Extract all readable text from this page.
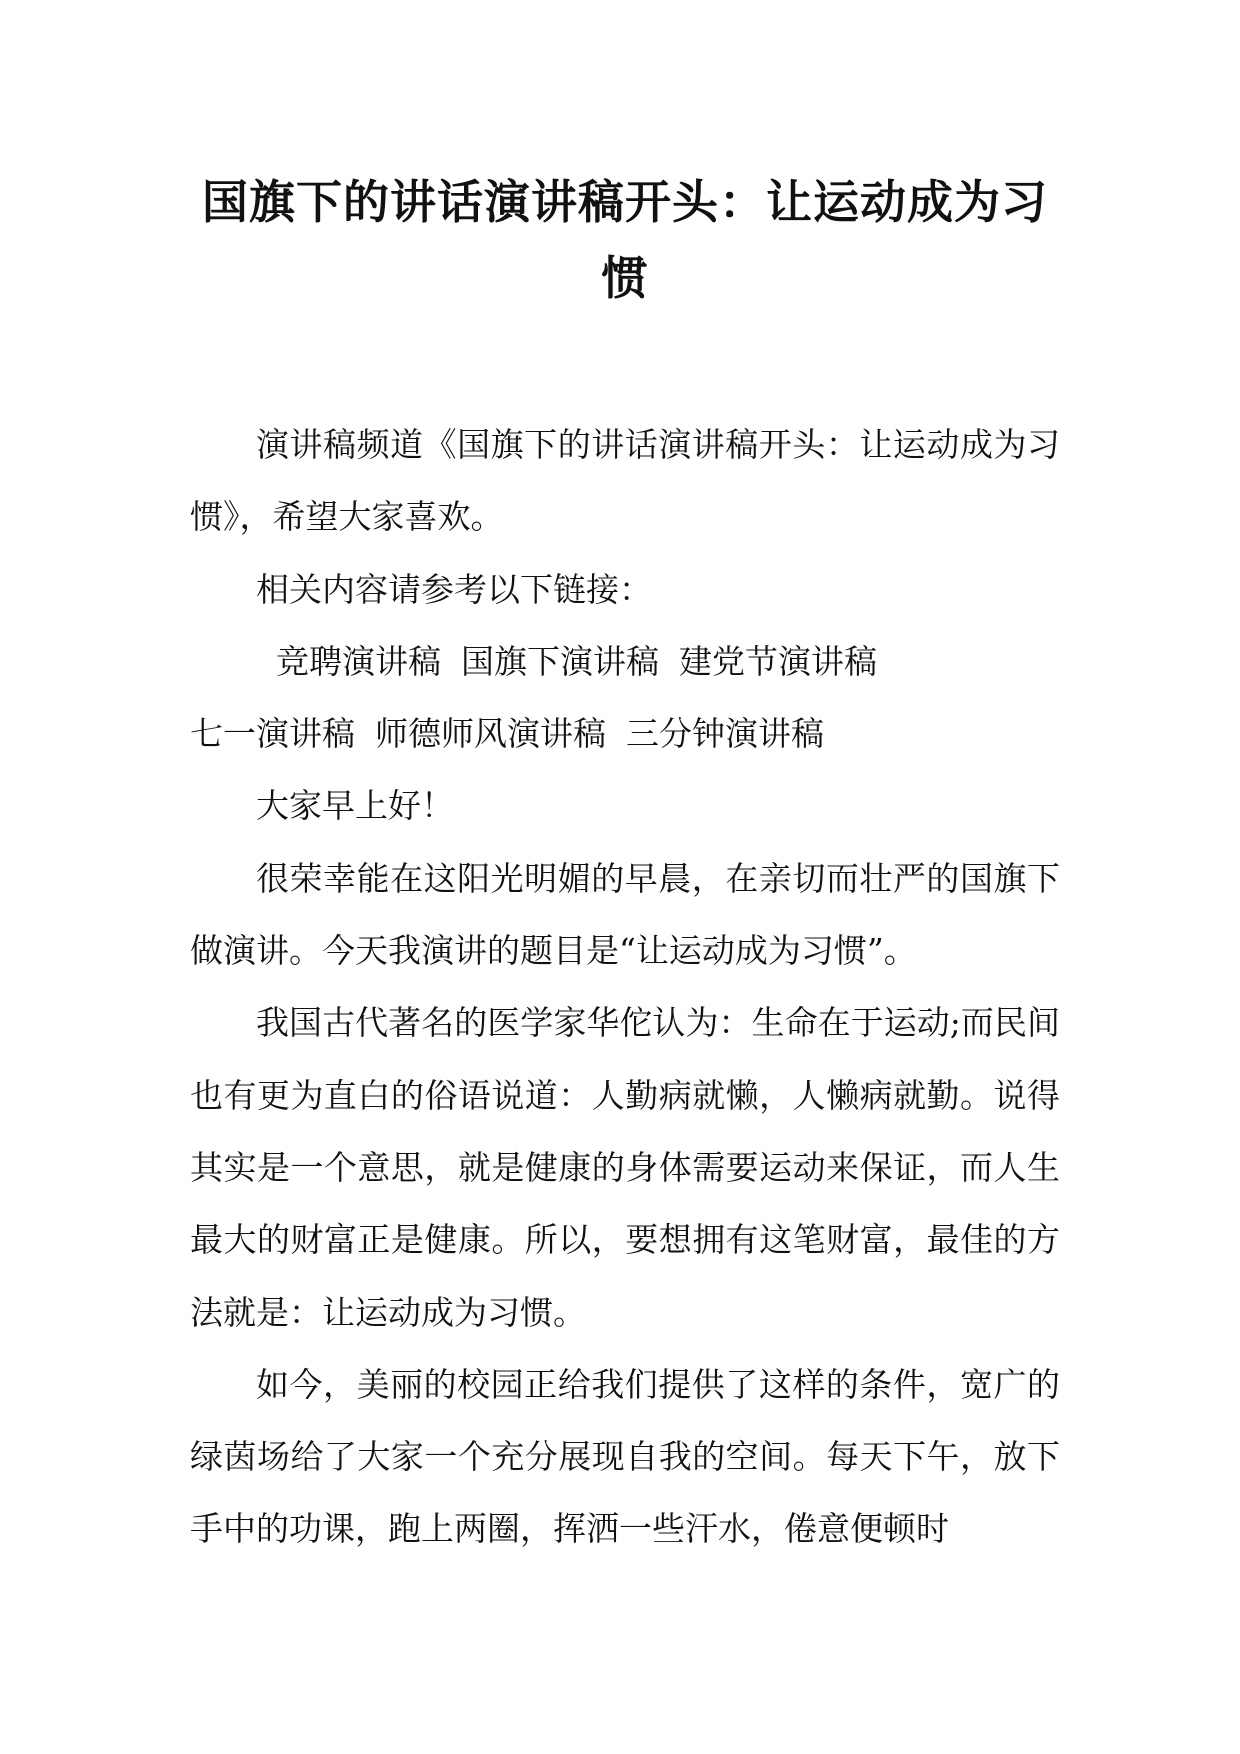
国旗下的讲话演讲稿开头：让运动成为习惯

演讲稿频道《国旗下的讲话演讲稿开头：让运动成为习惯》，希望大家喜欢。

相关内容请参考以下链接：

竞聘演讲稿 国旗下演讲稿 建党节演讲稿
七一演讲稿 师德师风演讲稿 三分钟演讲稿

大家早上好！

很荣幸能在这阳光明媚的早晨，在亲切而壮严的国旗下做演讲。今天我演讲的题目是“让运动成为习惯”。

我国古代著名的医学家华佗认为：生命在于运动;而民间也有更为直白的俗语说道：人勤病就懒，人懒病就勤。说得其实是一个意思，就是健康的身体需要运动来保证，而人生最大的财富正是健康。所以，要想拥有这笔财富，最佳的方法就是：让运动成为习惯。

如今，美丽的校园正给我们提供了这样的条件，宽广的绿茵场给了大家一个充分展现自我的空间。每天下午，放下手中的功课，跑上两圈，挥洒一些汗水，倦意便顿时
